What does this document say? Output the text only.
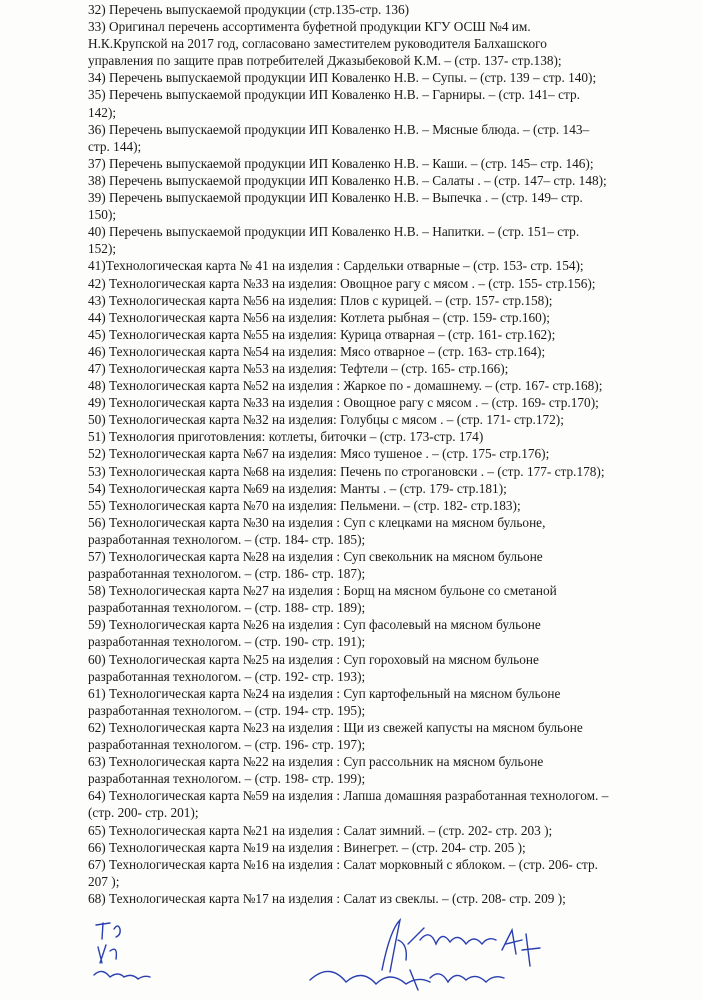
32) Перечень выпускаемой продукции (стр.135-стр. 136)
33) Оригинал перечень ассортимента буфетной продукции КГУ ОСШ №4 им.
Н.К.Крупской на 2017 год, согласовано заместителем руководителя Балхашского
управления по защите прав потребителей Джазыбековой К.М. – (стр. 137- стр.138);
34) Перечень выпускаемой продукции ИП Коваленко Н.В. – Супы. – (стр. 139 – стр. 140);
35) Перечень выпускаемой продукции ИП Коваленко Н.В. – Гарниры. – (стр. 141– стр.
142);
36) Перечень выпускаемой продукции ИП Коваленко Н.В. – Мясные блюда. – (стр. 143–
стр. 144);
37) Перечень выпускаемой продукции ИП Коваленко Н.В. – Каши. – (стр. 145– стр. 146);
38) Перечень выпускаемой продукции ИП Коваленко Н.В. – Салаты . – (стр. 147– стр. 148);
39) Перечень выпускаемой продукции ИП Коваленко Н.В. – Выпечка . – (стр. 149– стр.
150);
40) Перечень выпускаемой продукции ИП Коваленко Н.В. – Напитки. – (стр. 151– стр.
152);
41)Технологическая карта № 41 на изделия : Сардельки отварные – (стр. 153- стр. 154);
42) Технологическая карта №33 на изделия: Овощное рагу с мясом . – (стр. 155- стр.156);
43) Технологическая карта №56 на изделия: Плов с курицей. – (стр. 157- стр.158);
44) Технологическая карта №56 на изделия: Котлета рыбная – (стр. 159- стр.160);
45) Технологическая карта №55 на изделия: Курица отварная – (стр. 161- стр.162);
46) Технологическая карта №54 на изделия: Мясо отварное – (стр. 163- стр.164);
47) Технологическая карта №53 на изделия: Тефтели – (стр. 165- стр.166);
48) Технологическая карта №52 на изделия : Жаркое по - домашнему. – (стр. 167- стр.168);
49) Технологическая карта №33 на изделия : Овощное рагу с мясом . – (стр. 169- стр.170);
50) Технологическая карта №32 на изделия: Голубцы с мясом . – (стр. 171- стр.172);
51) Технология приготовления: котлеты, биточки – (стр. 173-стр. 174)
52) Технологическая карта №67 на изделия: Мясо тушеное . – (стр. 175- стр.176);
53) Технологическая карта №68 на изделия: Печень по строгановски . – (стр. 177- стр.178);
54) Технологическая карта №69 на изделия: Манты . – (стр. 179- стр.181);
55) Технологическая карта №70 на изделия: Пельмени. – (стр. 182- стр.183);
56) Технологическая карта №30 на изделия : Суп с клецками на мясном бульоне,
разработанная технологом. – (стр. 184- стр. 185);
57) Технологическая карта №28 на изделия : Суп свекольник на мясном бульоне
разработанная технологом. – (стр. 186- стр. 187);
58) Технологическая карта №27 на изделия : Борщ на мясном бульоне со сметаной
разработанная технологом. – (стр. 188- стр. 189);
59) Технологическая карта №26 на изделия : Суп фасолевый на мясном бульоне
разработанная технологом. – (стр. 190- стр. 191);
60) Технологическая карта №25 на изделия : Суп гороховый на мясном бульоне
разработанная технологом. – (стр. 192- стр. 193);
61) Технологическая карта №24 на изделия : Суп картофельный на мясном бульоне
разработанная технологом. – (стр. 194- стр. 195);
62) Технологическая карта №23 на изделия : Щи из свежей капусты на мясном бульоне
разработанная технологом. – (стр. 196- стр. 197);
63) Технологическая карта №22 на изделия : Суп рассольник на мясном бульоне
разработанная технологом. – (стр. 198- стр. 199);
64) Технологическая карта №59 на изделия : Лапша домашняя разработанная технологом. –
(стр. 200- стр. 201);
65) Технологическая карта №21 на изделия : Салат зимний. – (стр. 202- стр. 203 );
66) Технологическая карта №19 на изделия : Винегрет. – (стр. 204- стр. 205 );
67) Технологическая карта №16 на изделия : Салат морковный с яблоком. – (стр. 206- стр.
207 );
68) Технологическая карта №17 на изделия : Салат из свеклы. – (стр. 208- стр. 209 );
